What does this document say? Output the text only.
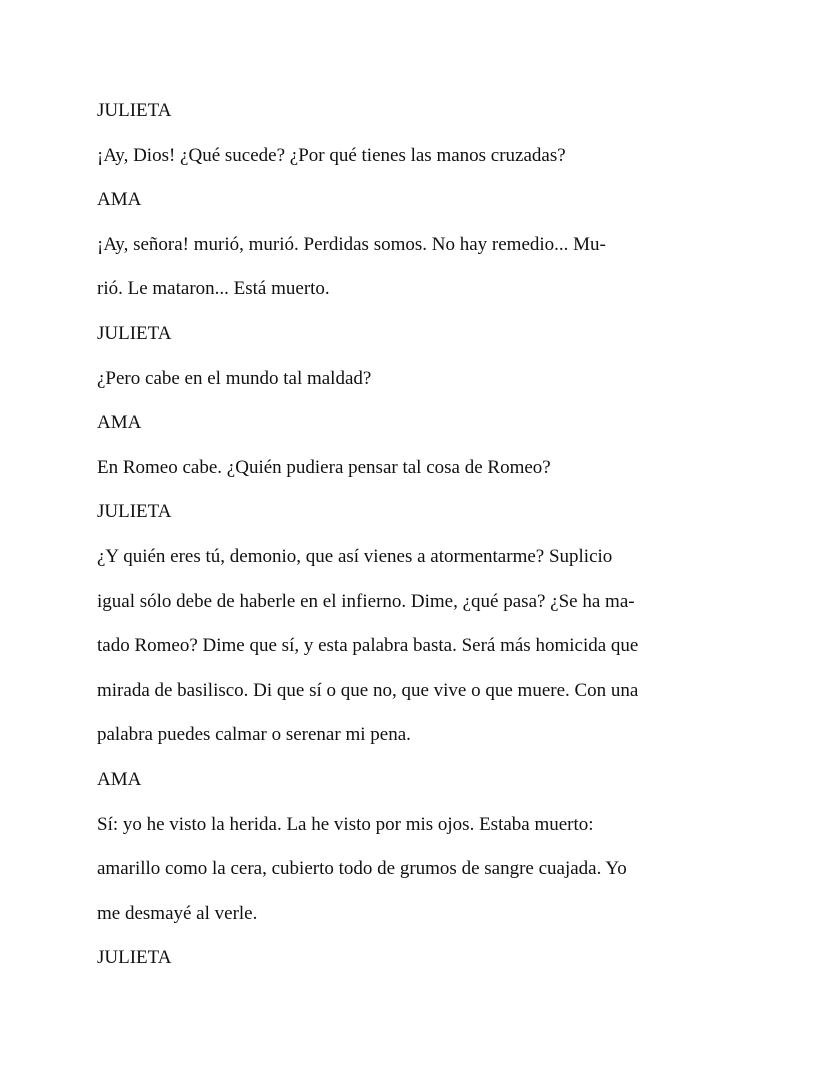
JULIETA
¡Ay, Dios! ¿Qué sucede? ¿Por qué tienes las manos cruzadas?
AMA
¡Ay, señora! murió, murió. Perdidas somos. No hay remedio... Mu-
rió. Le mataron... Está muerto.
JULIETA
¿Pero cabe en el mundo tal maldad?
AMA
En Romeo cabe. ¿Quién pudiera pensar tal cosa de Romeo?
JULIETA
¿Y quién eres tú, demonio, que así vienes a atormentarme? Suplicio
igual sólo debe de haberle en el infierno. Dime, ¿qué pasa? ¿Se ha ma-
tado Romeo? Dime que sí, y esta palabra basta. Será más homicida que
mirada de basilisco. Di que sí o que no, que vive o que muere. Con una
palabra puedes calmar o serenar mi pena.
AMA
Sí: yo he visto la herida. La he visto por mis ojos. Estaba muerto:
amarillo como la cera, cubierto todo de grumos de sangre cuajada. Yo
me desmayé al verle.
JULIETA
